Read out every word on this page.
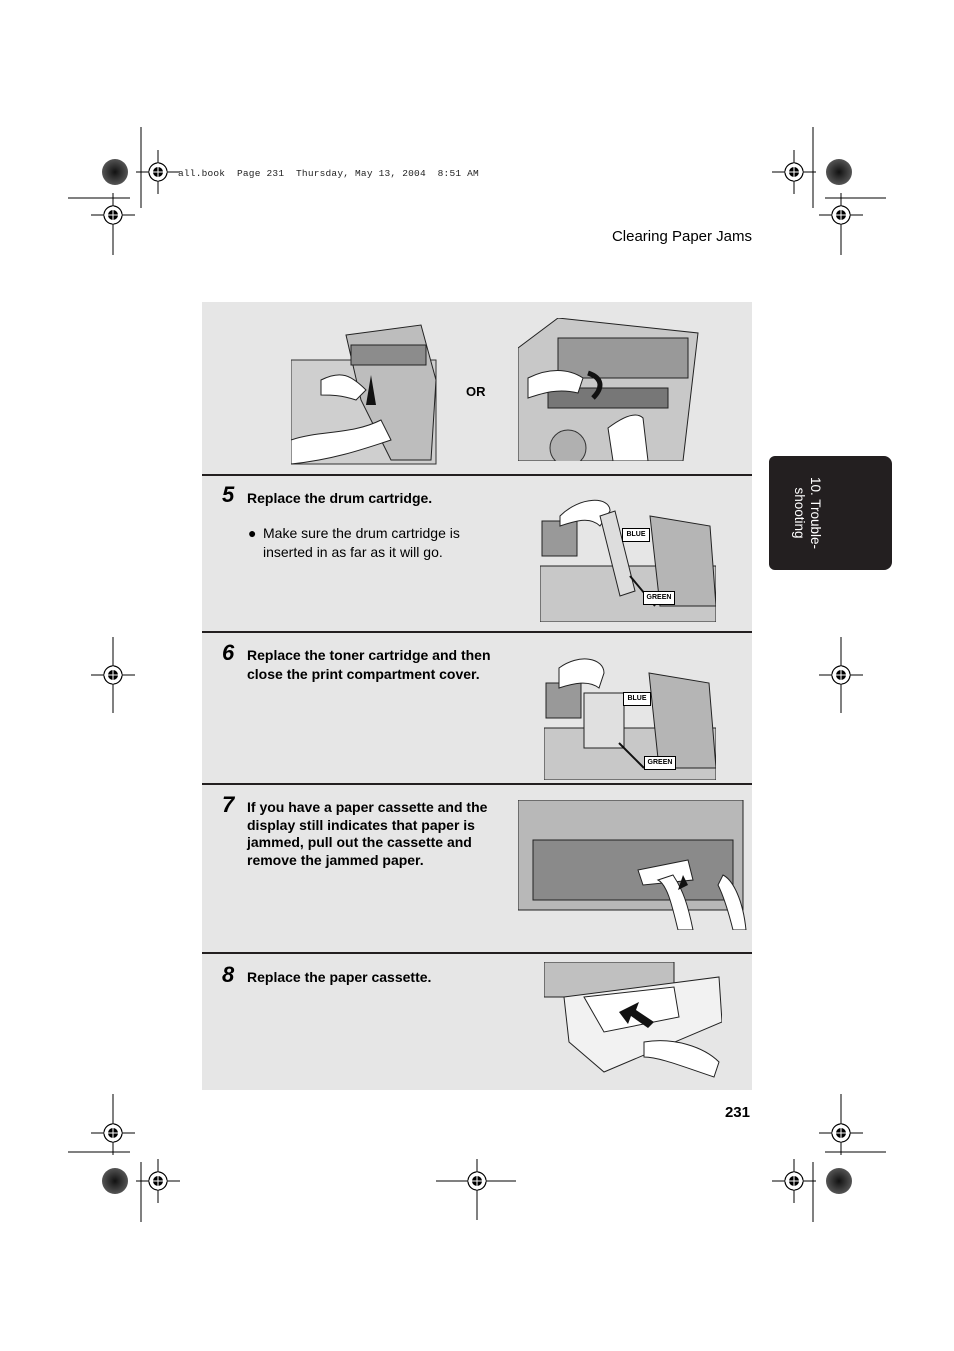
all.book  Page 231  Thursday, May 13, 2004  8:51 AM
Clearing Paper Jams
10. Trouble-
shooting
OR
5 Replace the drum cartridge.
● Make sure the drum cartridge is inserted in as far as it will go.
BLUE
GREEN
6 Replace the toner cartridge and then
close the print compartment cover.
BLUE
GREEN
7 If you have a paper cassette and the
display still indicates that paper is
jammed, pull out the cassette and
remove the jammed paper.
8 Replace the paper cassette.
231
